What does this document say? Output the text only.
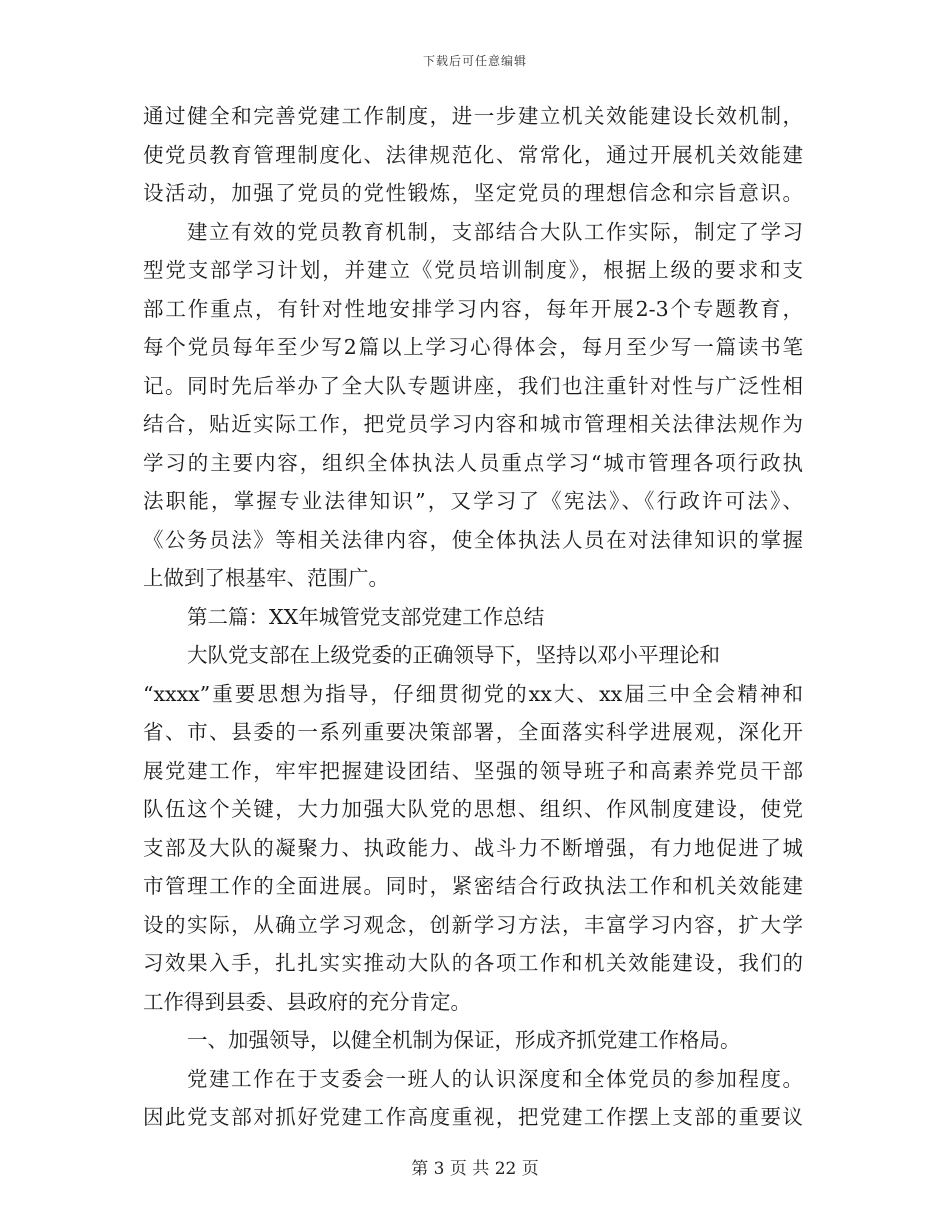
下载后可任意编辑
通过健全和完善党建工作制度，进一步建立机关效能建设长效机制，
使党员教育管理制度化、法律规范化、常常化，通过开展机关效能建
设活动，加强了党员的党性锻炼，坚定党员的理想信念和宗旨意识。
建立有效的党员教育机制，支部结合大队工作实际，制定了学习
型党支部学习计划，并建立《党员培训制度》，根据上级的要求和支
部工作重点，有针对性地安排学习内容，每年开展2-3个专题教育，
每个党员每年至少写2篇以上学习心得体会，每月至少写一篇读书笔
记。同时先后举办了全大队专题讲座，我们也注重针对性与广泛性相
结合，贴近实际工作，把党员学习内容和城市管理相关法律法规作为
学习的主要内容，组织全体执法人员重点学习“城市管理各项行政执
法职能，掌握专业法律知识”，又学习了《宪法》、《行政许可法》、
《公务员法》等相关法律内容，使全体执法人员在对法律知识的掌握
上做到了根基牢、范围广。
第二篇：XX年城管党支部党建工作总结
大队党支部在上级党委的正确领导下，坚持以邓小平理论和
“xxxx”重要思想为指导，仔细贯彻党的xx大、xx届三中全会精神和
省、市、县委的一系列重要决策部署，全面落实科学进展观，深化开
展党建工作，牢牢把握建设团结、坚强的领导班子和高素养党员干部
队伍这个关键，大力加强大队党的思想、组织、作风制度建设，使党
支部及大队的凝聚力、执政能力、战斗力不断增强，有力地促进了城
市管理工作的全面进展。同时，紧密结合行政执法工作和机关效能建
设的实际，从确立学习观念，创新学习方法，丰富学习内容，扩大学
习效果入手，扎扎实实推动大队的各项工作和机关效能建设，我们的
工作得到县委、县政府的充分肯定。
一、加强领导，以健全机制为保证，形成齐抓党建工作格局。
党建工作在于支委会一班人的认识深度和全体党员的参加程度。
因此党支部对抓好党建工作高度重视，把党建工作摆上支部的重要议
第 3 页 共 22 页
